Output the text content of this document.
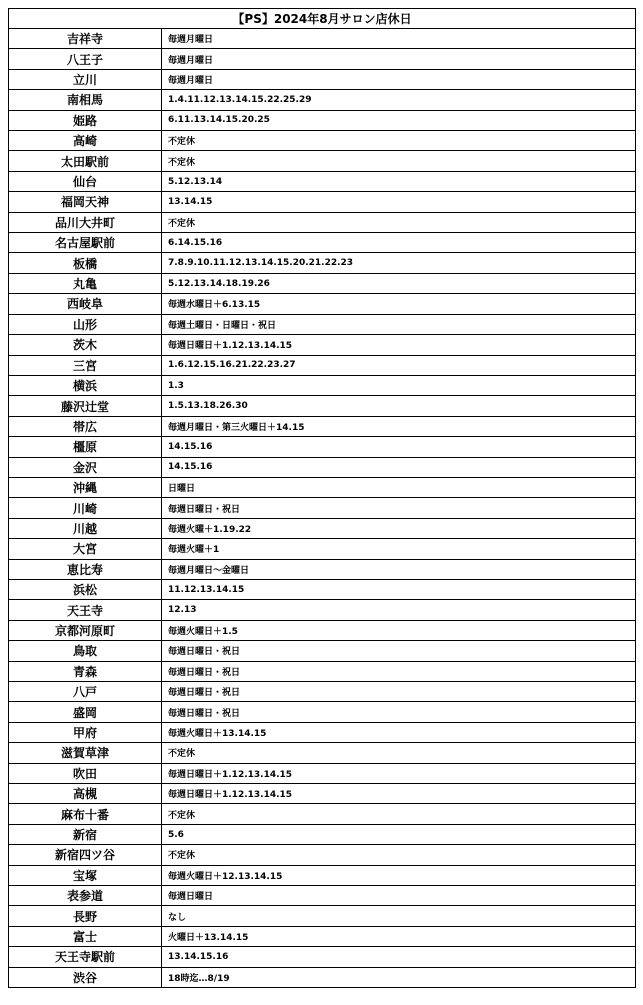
【PS】2024年8月サロン店休日	
吉祥寺	毎週月曜日
八王子	毎週月曜日
立川	毎週月曜日
南相馬	1.4.11.12.13.14.15.22.25.29
姫路	6.11.13.14.15.20.25
高崎	不定休
太田駅前	不定休
仙台	5.12.13.14
福岡天神	13.14.15
品川大井町	不定休
名古屋駅前	6.14.15.16
板橋	7.8.9.10.11.12.13.14.15.20.21.22.23
丸亀	5.12.13.14.18.19.26
西岐阜	毎週水曜日＋6.13.15
山形	毎週土曜日・日曜日・祝日
茨木	毎週日曜日＋1.12.13.14.15
三宮	1.6.12.15.16.21.22.23.27
横浜	1.3
藤沢辻堂	1.5.13.18.26.30
帯広	毎週月曜日・第三火曜日＋14.15
橿原	14.15.16
金沢	14.15.16
沖縄	日曜日
川崎	毎週日曜日・祝日
川越	毎週火曜＋1.19.22
大宮	毎週火曜＋1
恵比寿	毎週月曜日～金曜日
浜松	11.12.13.14.15
天王寺	12.13
京都河原町	毎週火曜日＋1.5
鳥取	毎週日曜日・祝日
青森	毎週日曜日・祝日
八戸	毎週日曜日・祝日
盛岡	毎週日曜日・祝日
甲府	毎週火曜日＋13.14.15
滋賀草津	不定休
吹田	毎週日曜日＋1.12.13.14.15
高槻	毎週日曜日＋1.12.13.14.15
麻布十番	不定休
新宿	5.6
新宿四ツ谷	不定休
宝塚	毎週火曜日＋12.13.14.15
表参道	毎週日曜日
長野	なし
富士	火曜日＋13.14.15
天王寺駅前	13.14.15.16
渋谷	18時迄…8/19
